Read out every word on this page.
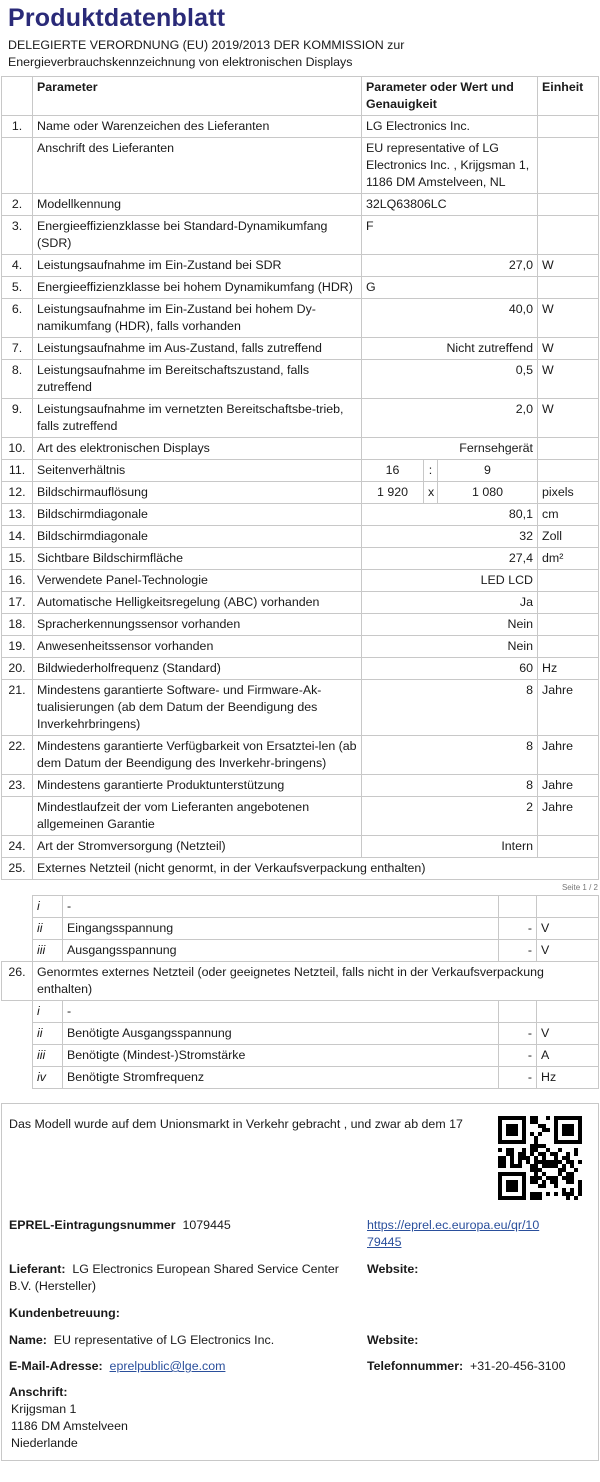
Produktdatenblatt
DELEGIERTE VERORDNUNG (EU) 2019/2013 DER KOMMISSION zur Energieverbrauchskennzeichnung von elektronischen Displays
	Parameter	Parameter oder Wert und Genauigkeit			Einheit
1.	Name oder Warenzeichen des Lieferanten	LG Electronics Inc.			
	Anschrift des Lieferanten	EU representative of LG Electronics Inc. , Krijgsman 1, 1186 DM Amstelveen, NL			
2.	Modellkennung	32LQ63806LC			
3.	Energieeffizienzklasse bei Standard-Dynamikumfang (SDR)	F			
4.	Leistungsaufnahme im Ein-Zustand bei SDR	27,0			W
5.	Energieeffizienzklasse bei hohem Dynamikumfang (HDR)	G			
6.	Leistungsaufnahme im Ein-Zustand bei hohem Dy-namikumfang (HDR), falls vorhanden	40,0			W
7.	Leistungsaufnahme im Aus-Zustand, falls zutreffend	Nicht zutreffend			W
8.	Leistungsaufnahme im Bereitschaftszustand, falls zutreffend	0,5			W
9.	Leistungsaufnahme im vernetzten Bereitschaftsbe-trieb, falls zutreffend	2,0			W
10.	Art des elektronischen Displays	Fernsehgerät			
11.	Seitenverhältnis	16	:	9	
12.	Bildschirmauflösung	1 920	x	1 080	pixels
13.	Bildschirmdiagonale	80,1			cm
14.	Bildschirmdiagonale	32			Zoll
15.	Sichtbare Bildschirmfläche	27,4			dm²
16.	Verwendete Panel-Technologie	LED LCD			
17.	Automatische Helligkeitsregelung (ABC) vorhanden	Ja			
18.	Spracherkennungssensor vorhanden	Nein			
19.	Anwesenheitssensor vorhanden	Nein			
20.	Bildwiederholfrequenz (Standard)	60			Hz
21.	Mindestens garantierte Software- und Firmware-Ak-tualisierungen (ab dem Datum der Beendigung des Inverkehrbringens)	8			Jahre
22.	Mindestens garantierte Verfügbarkeit von Ersatztei-len (ab dem Datum der Beendigung des Inverkehr-bringens)	8			Jahre
23.	Mindestens garantierte Produktunterstützung	8			Jahre
	Mindestlaufzeit der vom Lieferanten angebotenen allgemeinen Garantie	2			Jahre
24.	Art der Stromversorgung (Netzteil)	Intern			
25.	Externes Netzteil (nicht genormt, in der Verkaufsverpackung enthalten)				
Seite 1 / 2
	i	-		
	ii	Eingangsspannung	-	V
	iii	Ausgangsspannung	-	V
26.	Genormtes externes Netzteil (oder geeignetes Netzteil, falls nicht in der Verkaufsverpackung enthalten)			
	i	-		
	ii	Benötigte Ausgangsspannung	-	V
	iii	Benötigte (Mindest-)Stromstärke	-	A
	iv	Benötigte Stromfrequenz	-	Hz
Das Modell wurde auf dem Unionsmarkt in Verkehr gebracht , und zwar ab dem 17
EPREL-Eintragungsnummer 1079445	https://eprel.ec.europa.eu/qr/10
79445
Lieferant: LG Electronics European Shared Service Center
B.V. (Hersteller)
Website:
Kundenbetreuung:
Name: EU representative of LG Electronics Inc.	Website:
E-Mail-Adresse: eprelpublic@lge.com	Telefonnummer: +31-20-456-3100
Anschrift:
Krijgsman 1
1186 DM Amstelveen
Niederlande
